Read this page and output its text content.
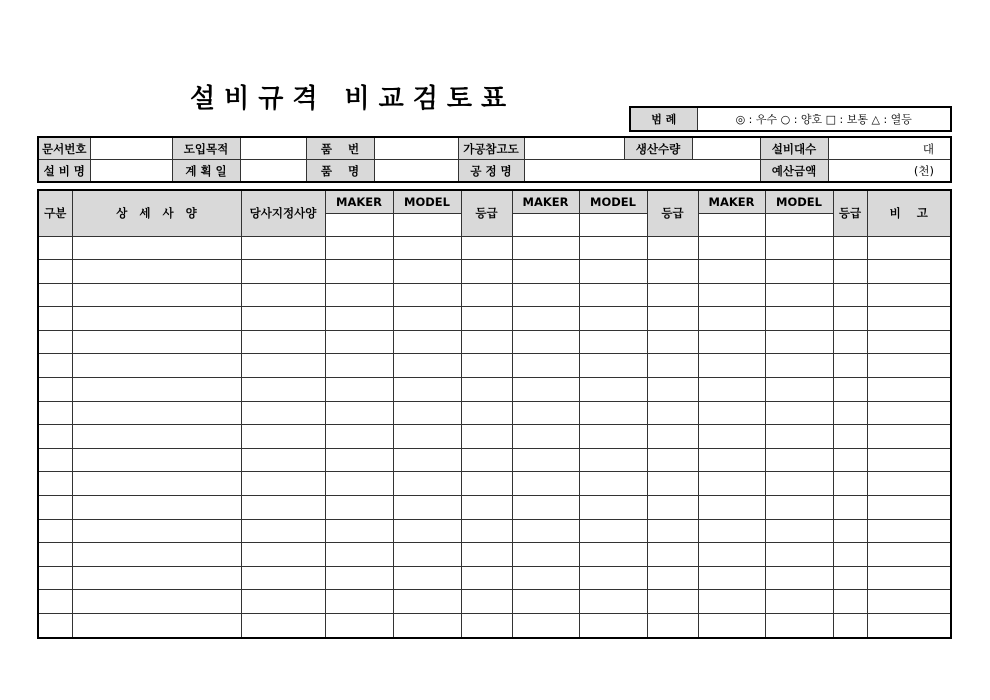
설비규격 비교검토표
범 례	◎ : 우수 ○ : 양호 □ : 보통 △ : 열등
문서번호		도입목적		품    번		가공참고도		생산수량		설비대수	대
설 비 명		계 획 일		품    명		공 정 명				예산금액	(천)
구분	상   세   사   양	당사지정사양	MAKER	MODEL	등급	MAKER	MODEL	등급	MAKER	MODEL	등급	비    고
